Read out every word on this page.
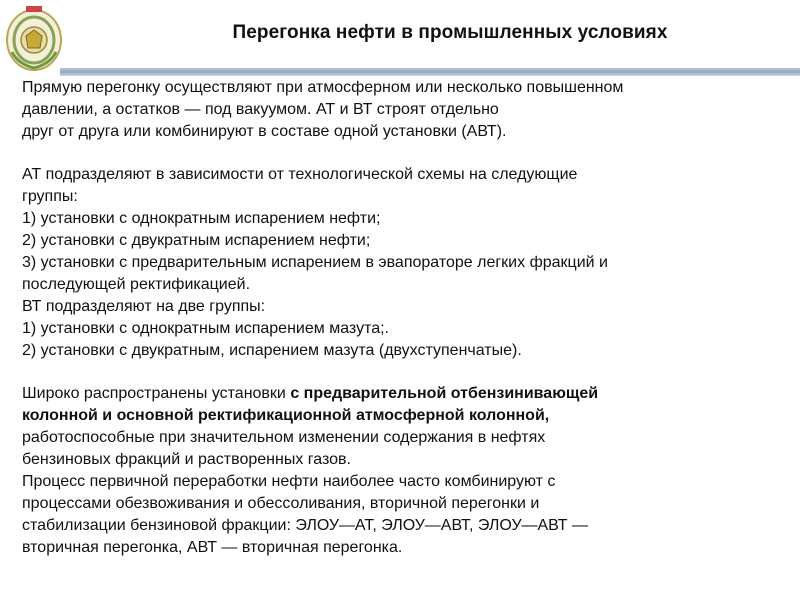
Перегонка нефти в промышленных условиях

Прямую перегонку осуществляют при атмосферном или несколько повышенном

давлении, а остатков — под вакуумом. АТ и ВТ строят отдельно

друг от друга или комбинируют в составе одной установки (АВТ).

АТ подразделяют в зависимости от технологической схемы на следующие

группы:

1) установки с однократным испарением нефти;

2) установки с двукратным испарением нефти;

3) установки с предварительным испарением в эвапораторе легких фракций и

последующей ректификацией.

ВТ подразделяют на две группы:

1) установки с однократным испарением мазута;.

2) установки с двукратным, испарением мазута (двухступенчатые).

Широко распространены установки с предварительной отбензинивающей

колонной и основной ректификационной атмосферной колонной,

работоспособные при значительном изменении содержания в нефтях

бензиновых фракций и растворенных газов.

Процесс первичной переработки нефти наиболее часто комбинируют с

процессами обезвоживания и обессоливания, вторичной перегонки и

стабилизации бензиновой фракции: ЭЛОУ—АТ, ЭЛОУ—АВТ, ЭЛОУ—АВТ —

вторичная перегонка, АВТ — вторичная перегонка.
